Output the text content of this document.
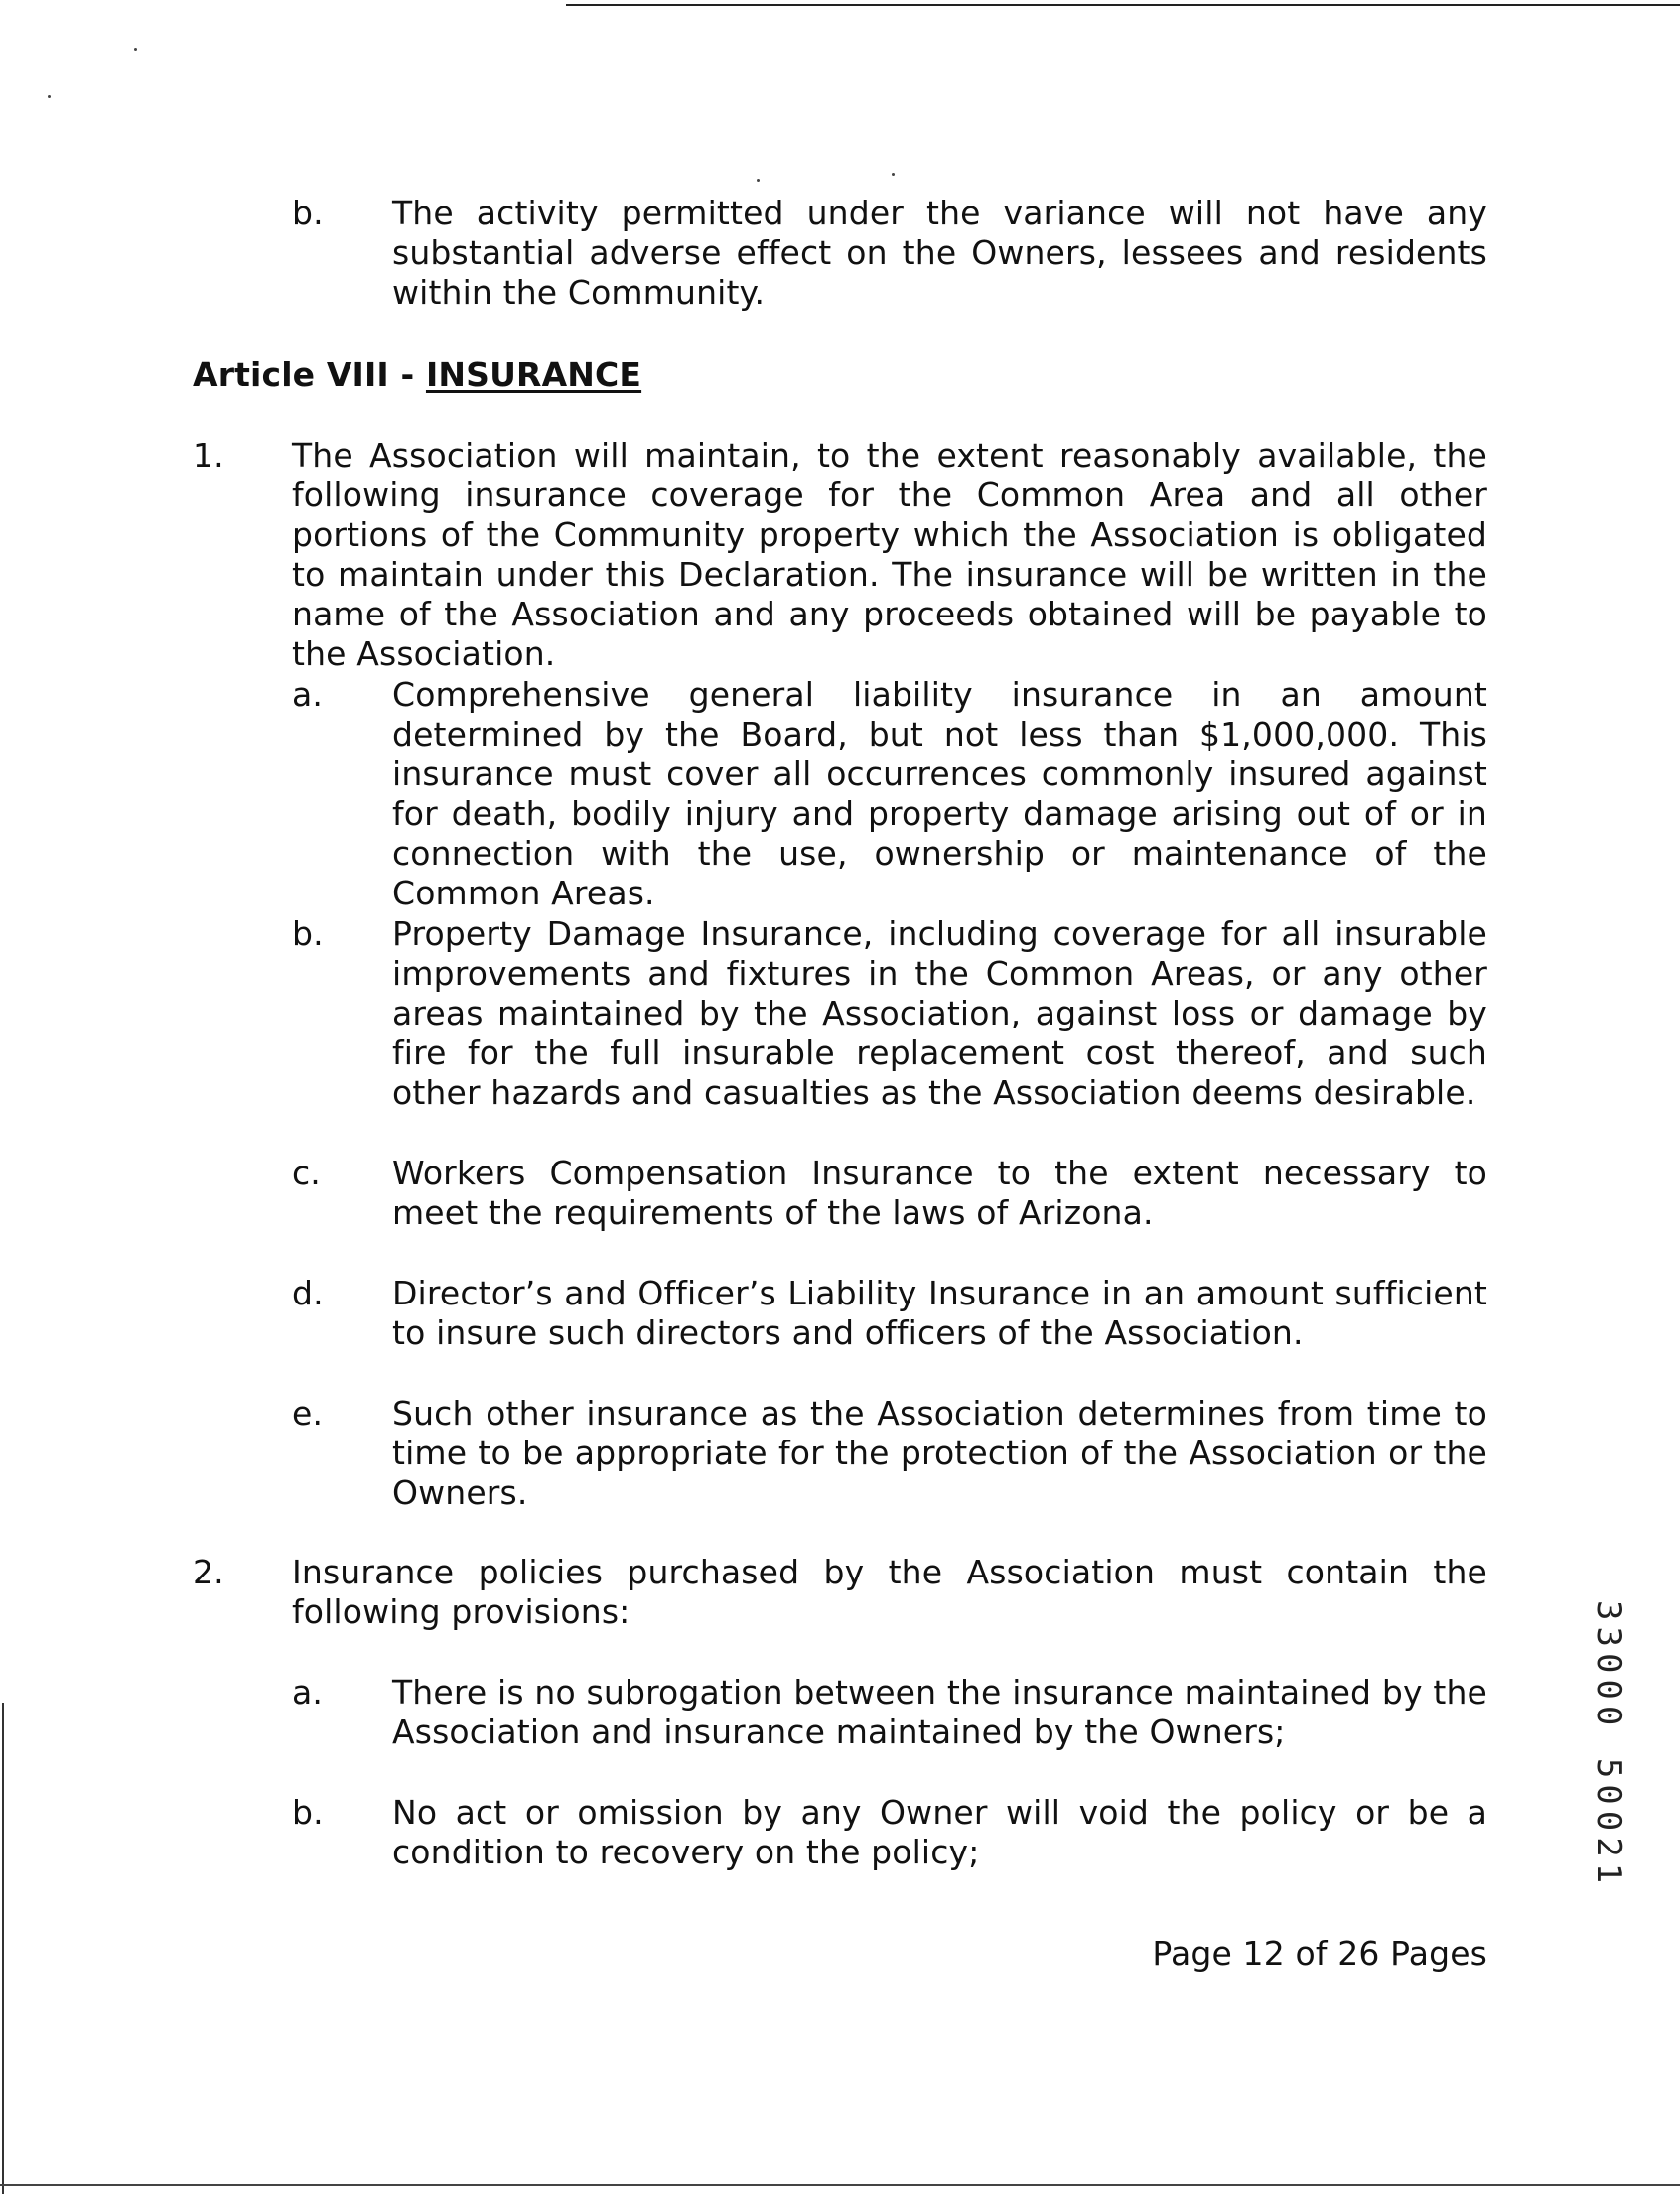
b. The activity permitted under the variance will not have any substantial adverse effect on the Owners, lessees and residents within the Community.
Article VIII - INSURANCE
1. The Association will maintain, to the extent reasonably available, the following insurance coverage for the Common Area and all other portions of the Community property which the Association is obligated to maintain under this Declaration. The insurance will be written in the name of the Association and any proceeds obtained will be payable to the Association.
a. Comprehensive general liability insurance in an amount determined by the Board, but not less than $1,000,000. This insurance must cover all occurrences commonly insured against for death, bodily injury and property damage arising out of or in connection with the use, ownership or maintenance of the Common Areas.
b. Property Damage Insurance, including coverage for all insurable improvements and fixtures in the Common Areas, or any other areas maintained by the Association, against loss or damage by fire for the full insurable replacement cost thereof, and such other hazards and casualties as the Association deems desirable.
c. Workers Compensation Insurance to the extent necessary to meet the requirements of the laws of Arizona.
d. Director’s and Officer’s Liability Insurance in an amount sufficient to insure such directors and officers of the Association.
e. Such other insurance as the Association determines from time to time to be appropriate for the protection of the Association or the Owners.
2. Insurance policies purchased by the Association must contain the following provisions:
a. There is no subrogation between the insurance maintained by the Association and insurance maintained by the Owners;
b. No act or omission by any Owner will void the policy or be a condition to recovery on the policy;
Page 12 of 26 Pages
33000 50021
